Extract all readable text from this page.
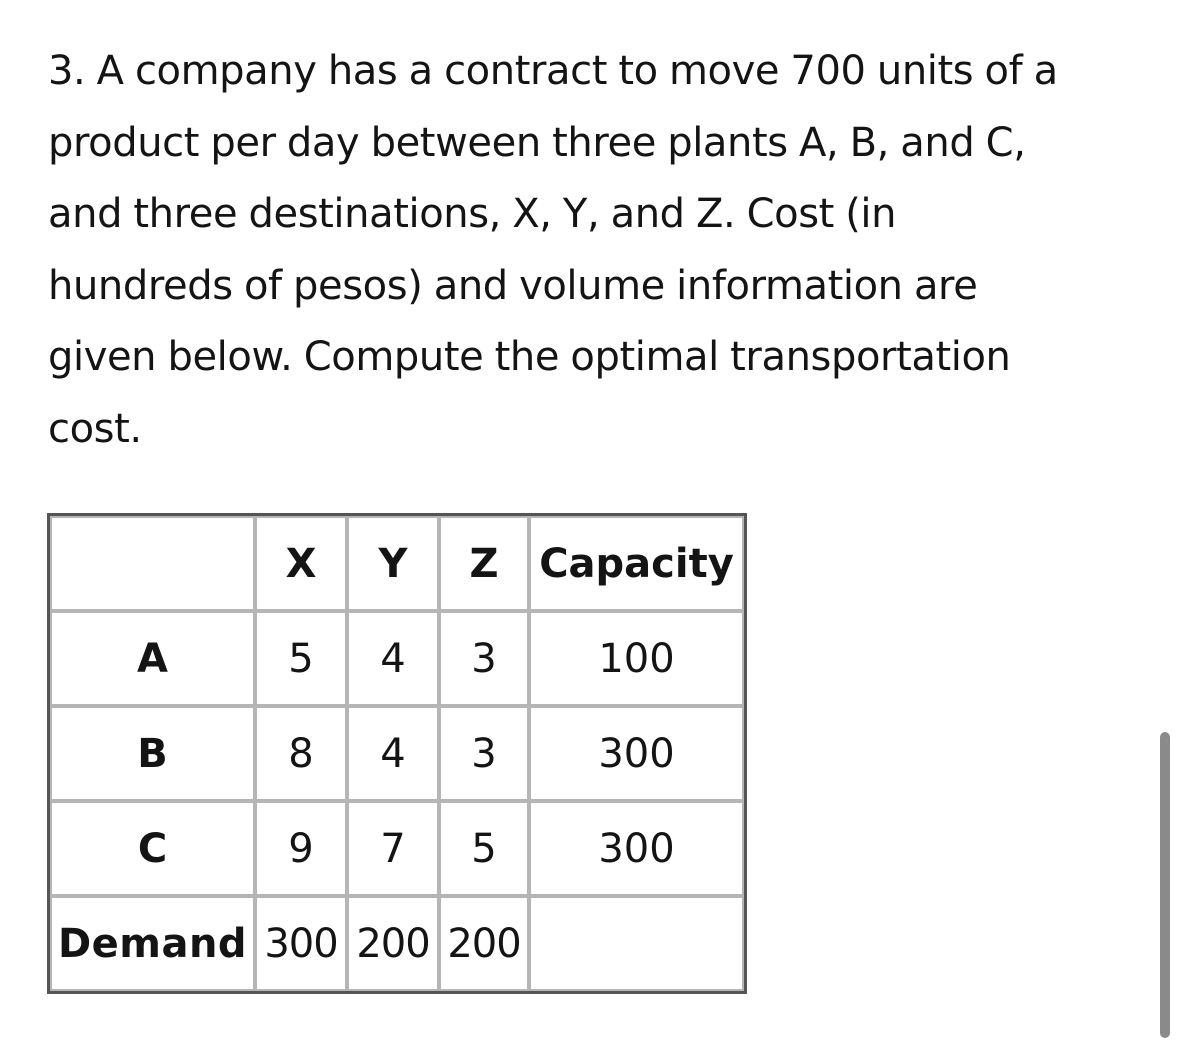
3. A company has a contract to move 700 units of a
product per day between three plants A, B, and C,
and three destinations, X, Y, and Z. Cost (in
hundreds of pesos) and volume information are
given below. Compute the optimal transportation
cost.

	X	Y	Z	Capacity
A	5	4	3	100
B	8	4	3	300
C	9	7	5	300
Demand	300	200	200	
